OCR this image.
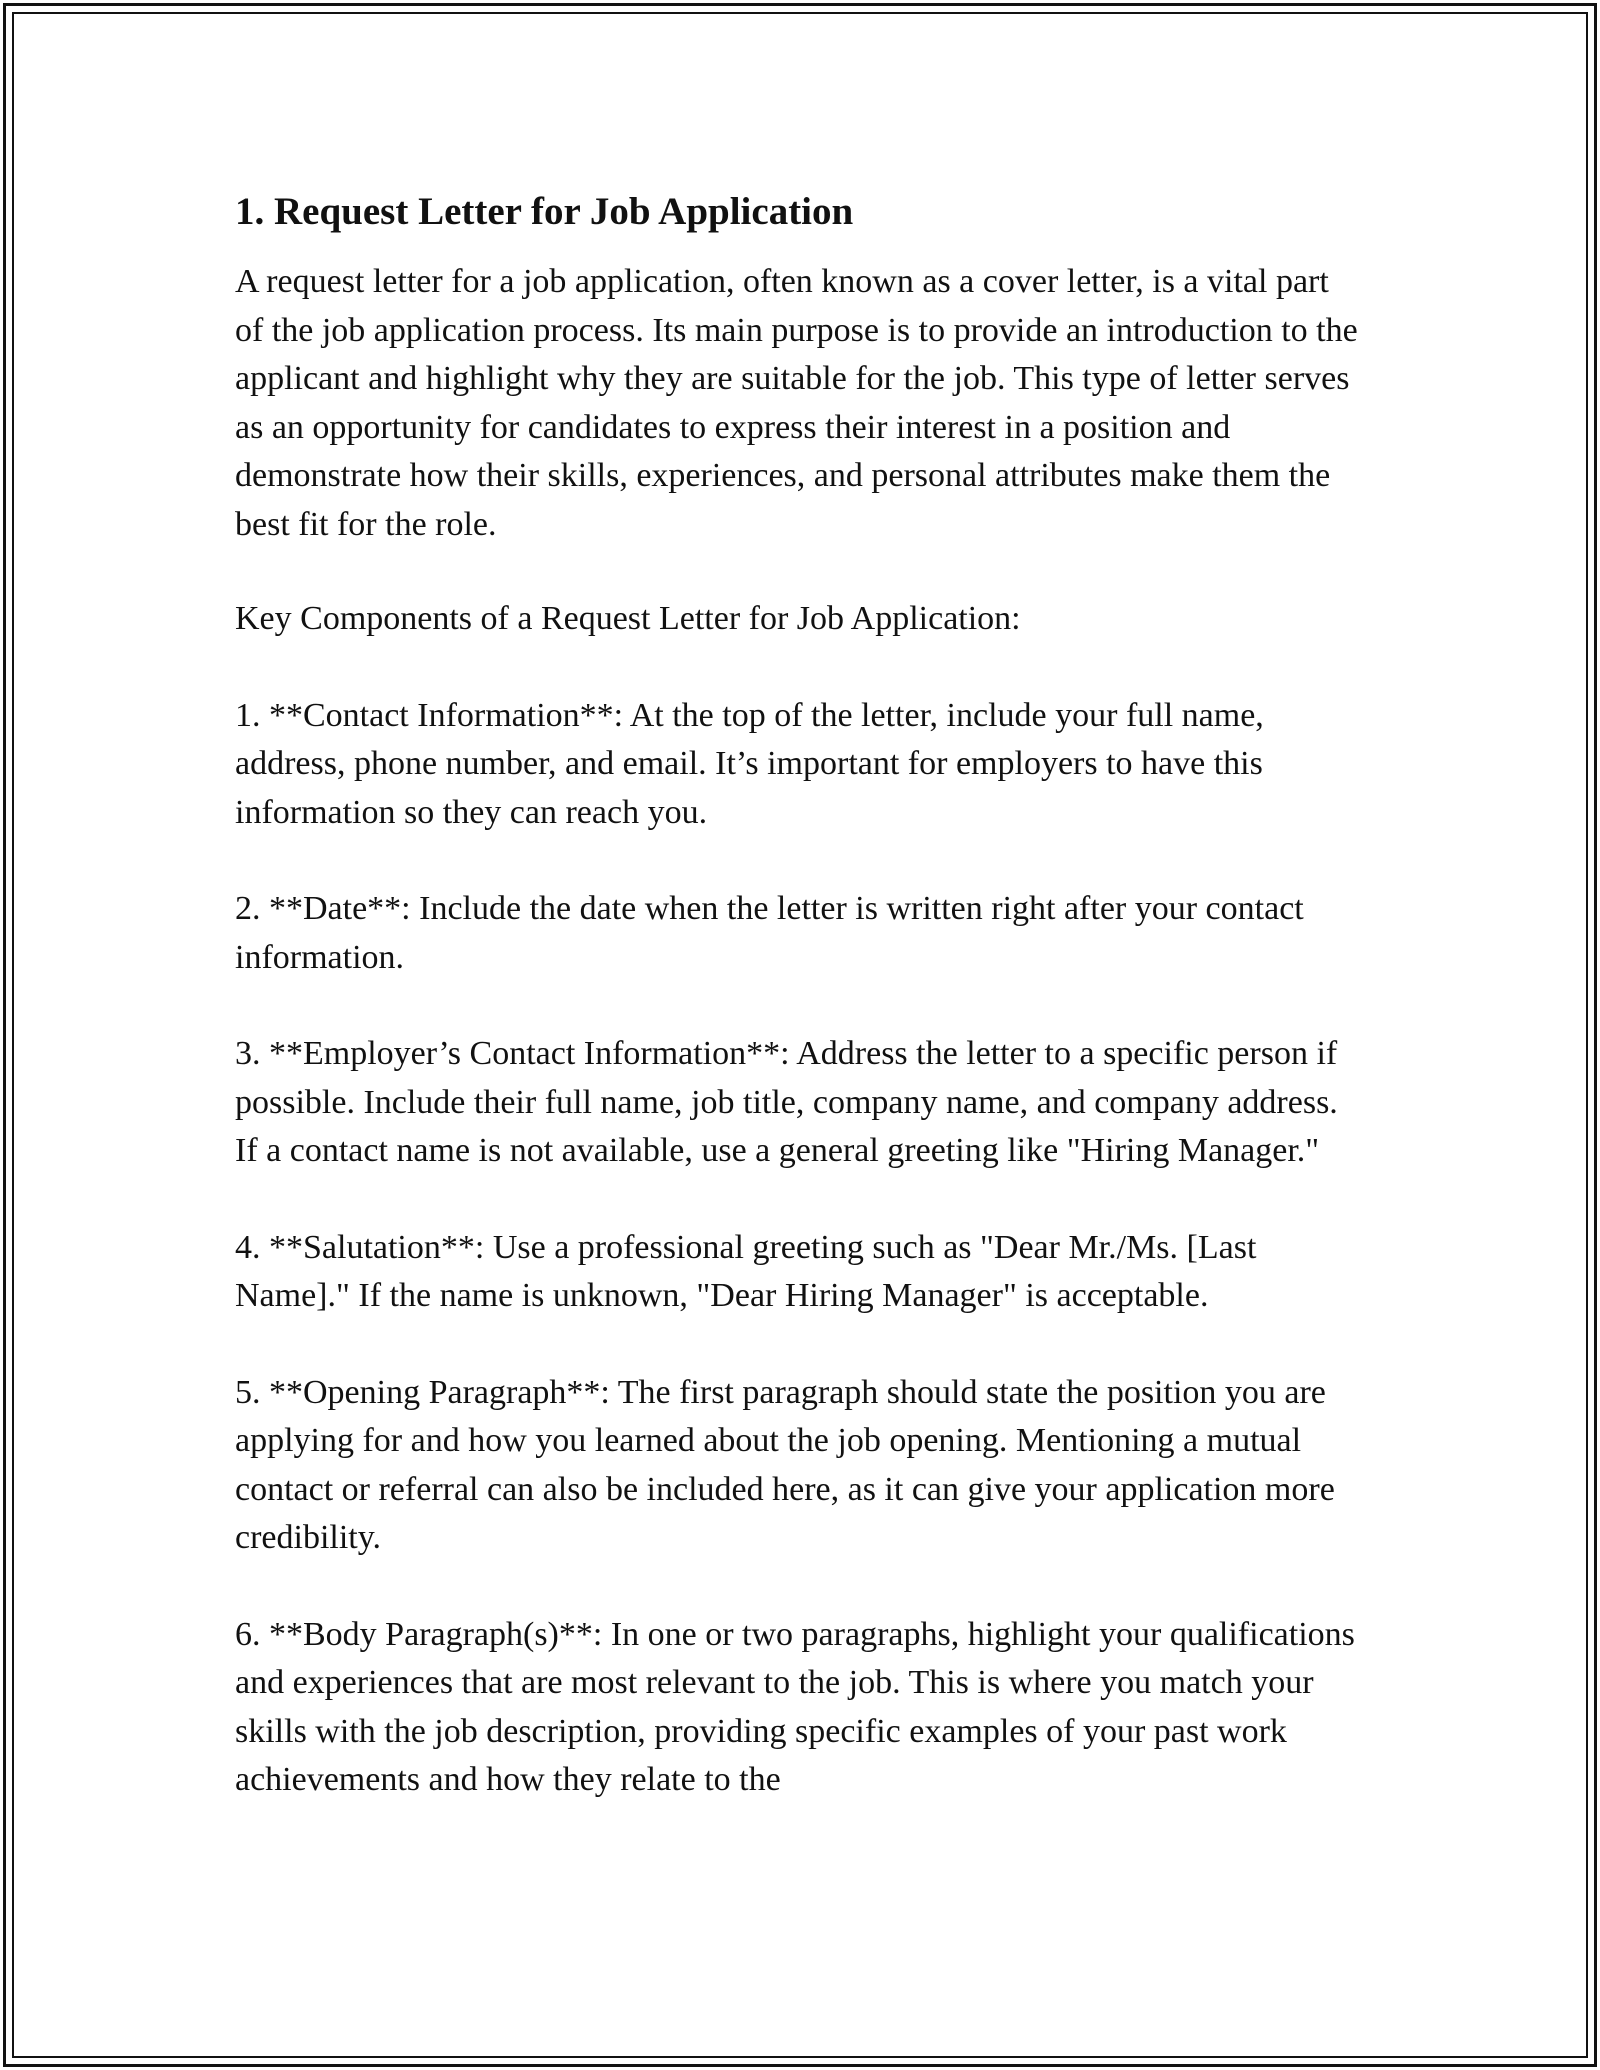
1. Request Letter for Job Application

A request letter for a job application, often known as a cover letter, is a vital part of the job application process. Its main purpose is to provide an introduction to the applicant and highlight why they are suitable for the job. This type of letter serves as an opportunity for candidates to express their interest in a position and demonstrate how their skills, experiences, and personal attributes make them the best fit for the role.

Key Components of a Request Letter for Job Application:

1. **Contact Information**: At the top of the letter, include your full name, address, phone number, and email. It’s important for employers to have this information so they can reach you.

2. **Date**: Include the date when the letter is written right after your contact information.

3. **Employer’s Contact Information**: Address the letter to a specific person if possible. Include their full name, job title, company name, and company address. If a contact name is not available, use a general greeting like "Hiring Manager."

4. **Salutation**: Use a professional greeting such as "Dear Mr./Ms. [Last Name]." If the name is unknown, "Dear Hiring Manager" is acceptable.

5. **Opening Paragraph**: The first paragraph should state the position you are applying for and how you learned about the job opening. Mentioning a mutual contact or referral can also be included here, as it can give your application more credibility.

6. **Body Paragraph(s)**: In one or two paragraphs, highlight your qualifications and experiences that are most relevant to the job. This is where you match your skills with the job description, providing specific examples of your past work achievements and how they relate to the
